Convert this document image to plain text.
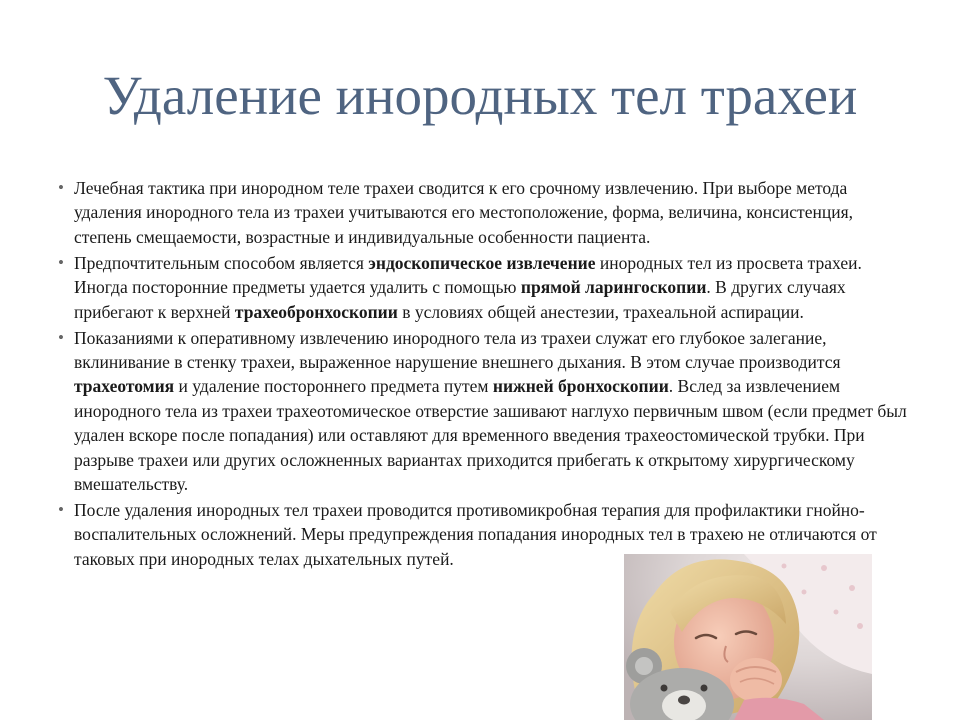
Удаление инородных тел трахеи
• Лечебная тактика при инородном теле трахеи сводится к его срочному извлечению. При выборе метода удаления инородного тела из трахеи учитываются его местоположение, форма, величина, консистенция, степень смещаемости, возрастные и индивидуальные особенности пациента.
• Предпочтительным способом является эндоскопическое извлечение инородных тел из просвета трахеи. Иногда посторонние предметы удается удалить с помощью прямой ларингоскопии. В других случаях прибегают к верхней трахеобронхоскопии в условиях общей анестезии, трахеальной аспирации.
• Показаниями к оперативному извлечению инородного тела из трахеи служат его глубокое залегание, вклинивание в стенку трахеи, выраженное нарушение внешнего дыхания. В этом случае производится трахеотомия и удаление постороннего предмета путем нижней бронхоскопии. Вслед за извлечением инородного тела из трахеи трахеотомическое отверстие зашивают наглухо первичным швом (если предмет был удален вскоре после попадания) или оставляют для временного введения трахеостомической трубки. При разрыве трахеи или других осложненных вариантах приходится прибегать к открытому хирургическому вмешательству.
• После удаления инородных тел трахеи проводится противомикробная терапия для профилактики гнойно-воспалительных осложнений. Меры предупреждения попадания инородных тел в трахею не отличаются от таковых при инородных телах дыхательных путей.
